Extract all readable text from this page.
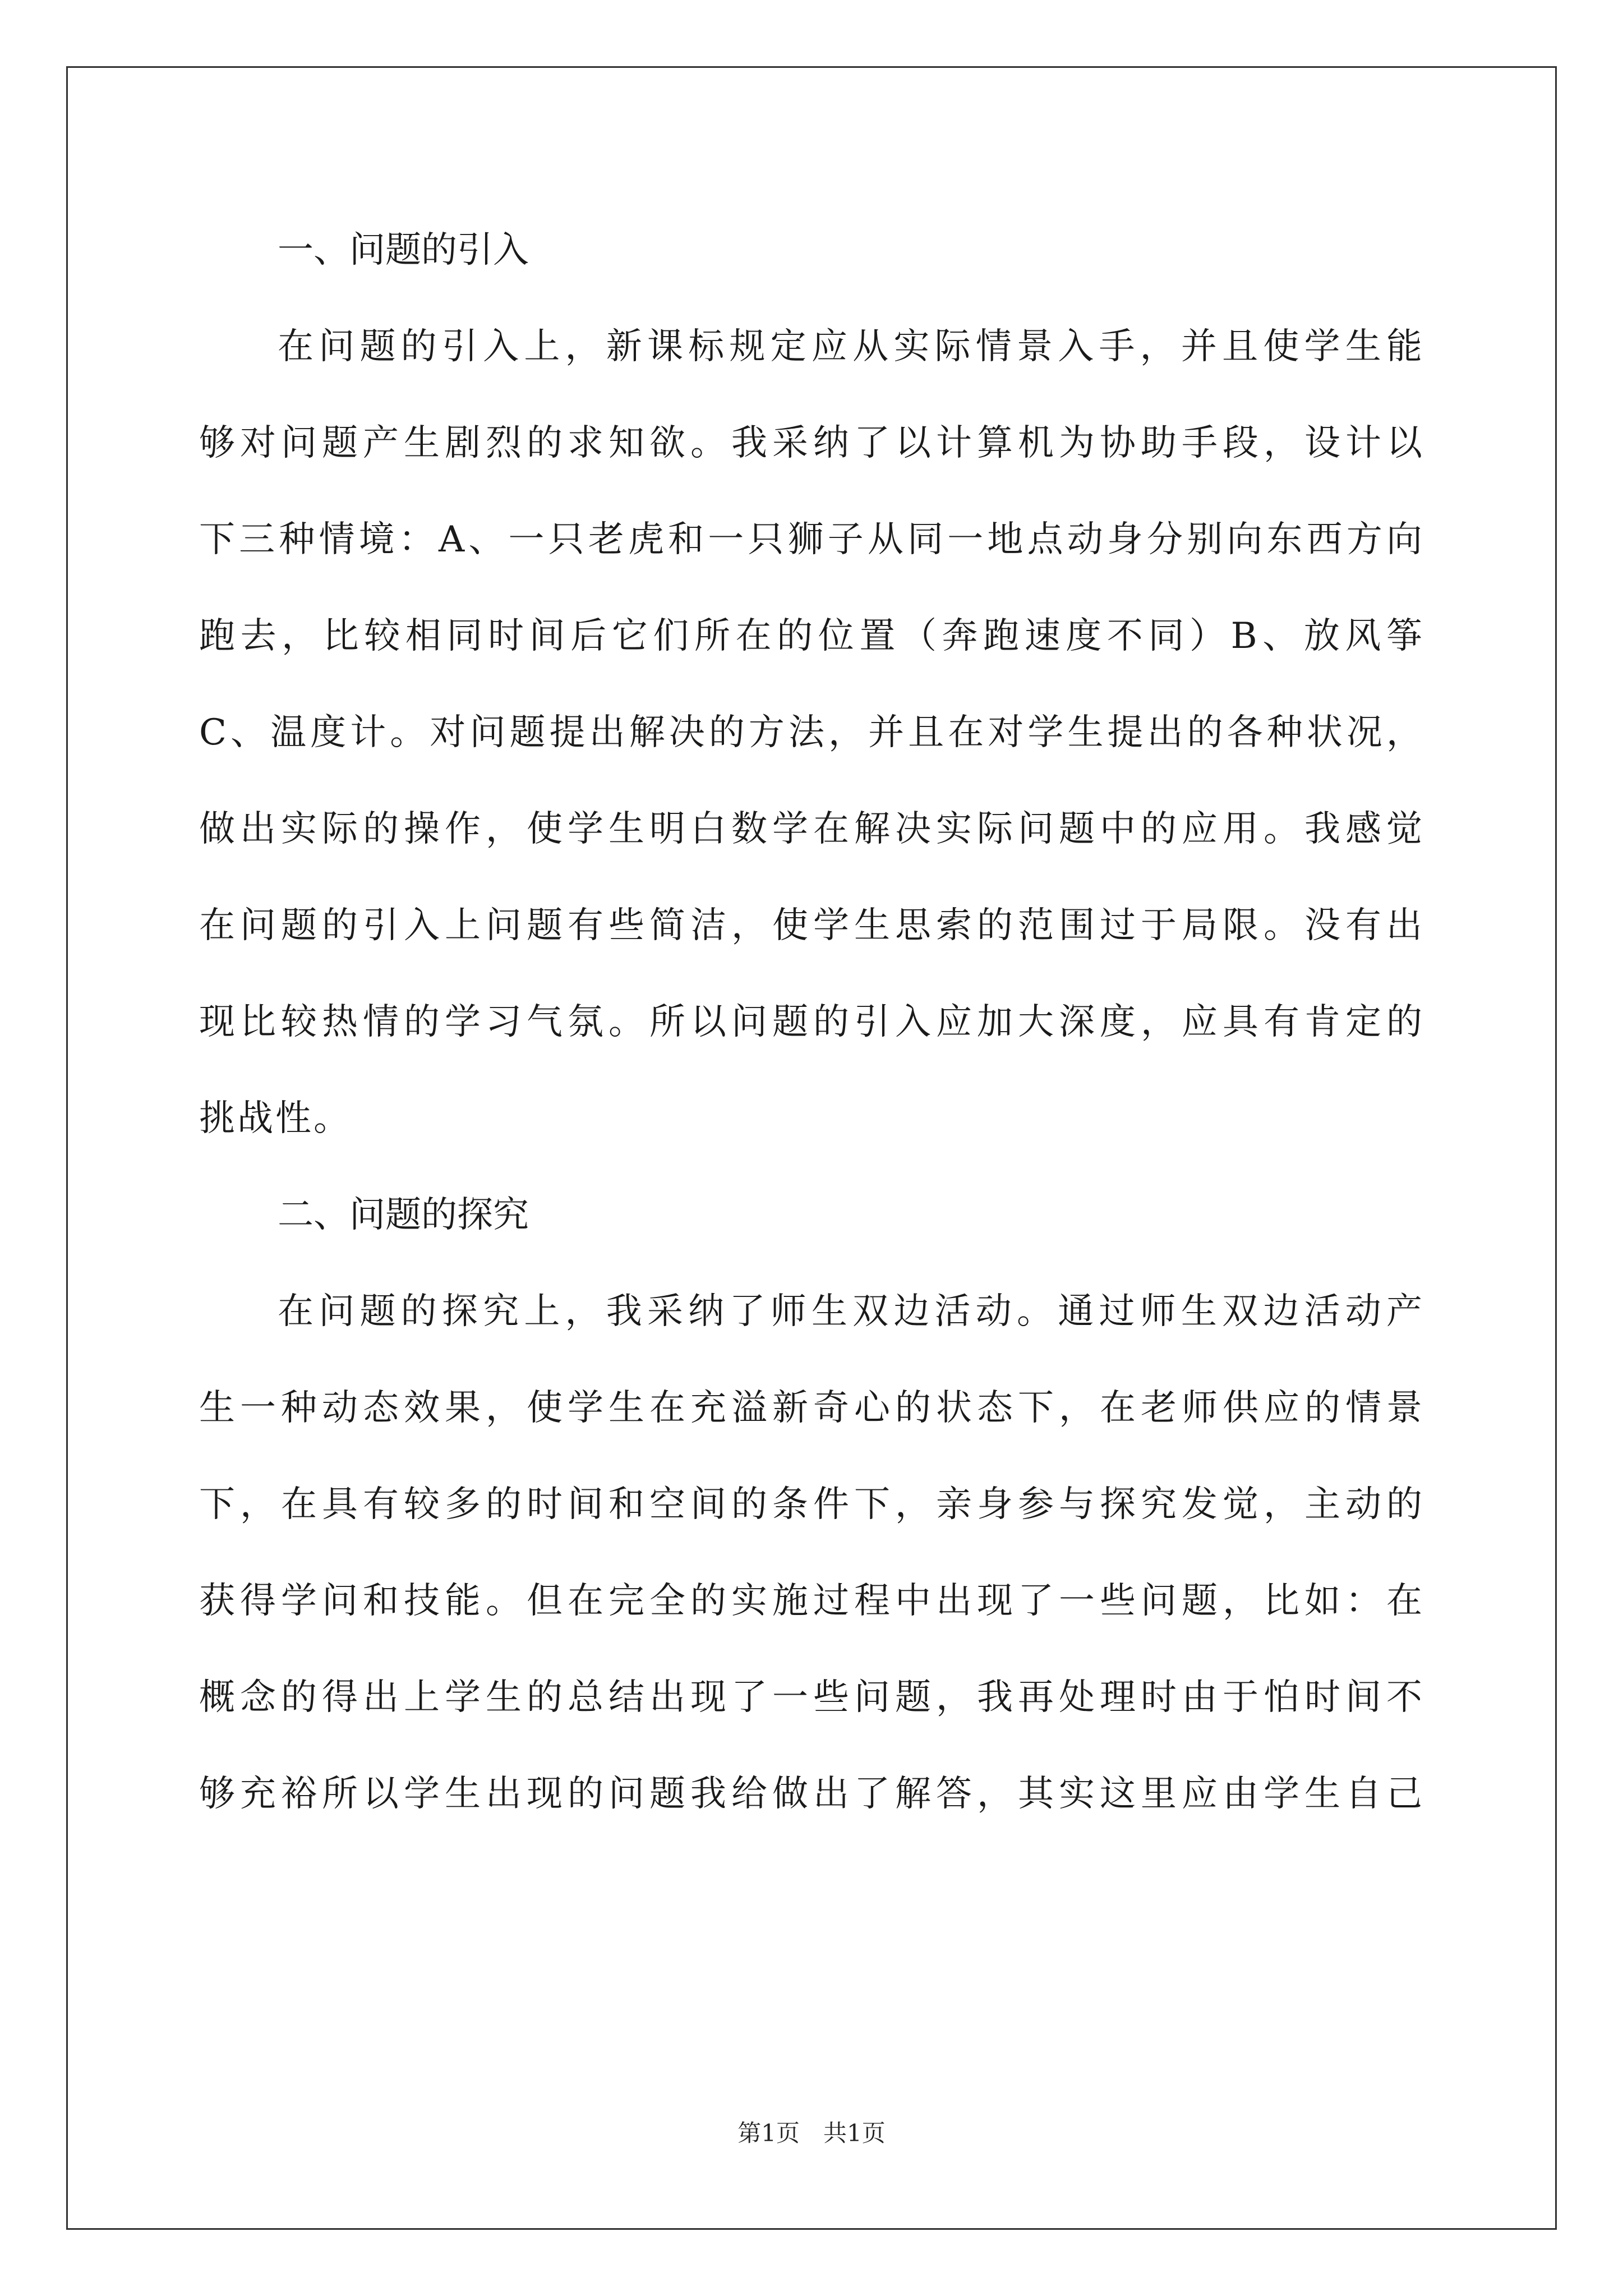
一、问题的引入
在问题的引入上，新课标规定应从实际情景入手，并且使学生能
够对问题产生剧烈的求知欲。我采纳了以计算机为协助手段，设计以
下三种情境：A、一只老虎和一只狮子从同一地点动身分别向东西方向
跑去，比较相同时间后它们所在的位置（奔跑速度不同）B、放风筝
C、温度计。对问题提出解决的方法，并且在对学生提出的各种状况，
做出实际的操作，使学生明白数学在解决实际问题中的应用。我感觉
在问题的引入上问题有些简洁，使学生思索的范围过于局限。没有出
现比较热情的学习气氛。所以问题的引入应加大深度，应具有肯定的
挑战性。
二、问题的探究
在问题的探究上，我采纳了师生双边活动。通过师生双边活动产
生一种动态效果，使学生在充溢新奇心的状态下，在老师供应的情景
下，在具有较多的时间和空间的条件下，亲身参与探究发觉，主动的
获得学问和技能。但在完全的实施过程中出现了一些问题，比如：在
概念的得出上学生的总结出现了一些问题，我再处理时由于怕时间不
够充裕所以学生出现的问题我给做出了解答，其实这里应由学生自己
第1页　共1页
